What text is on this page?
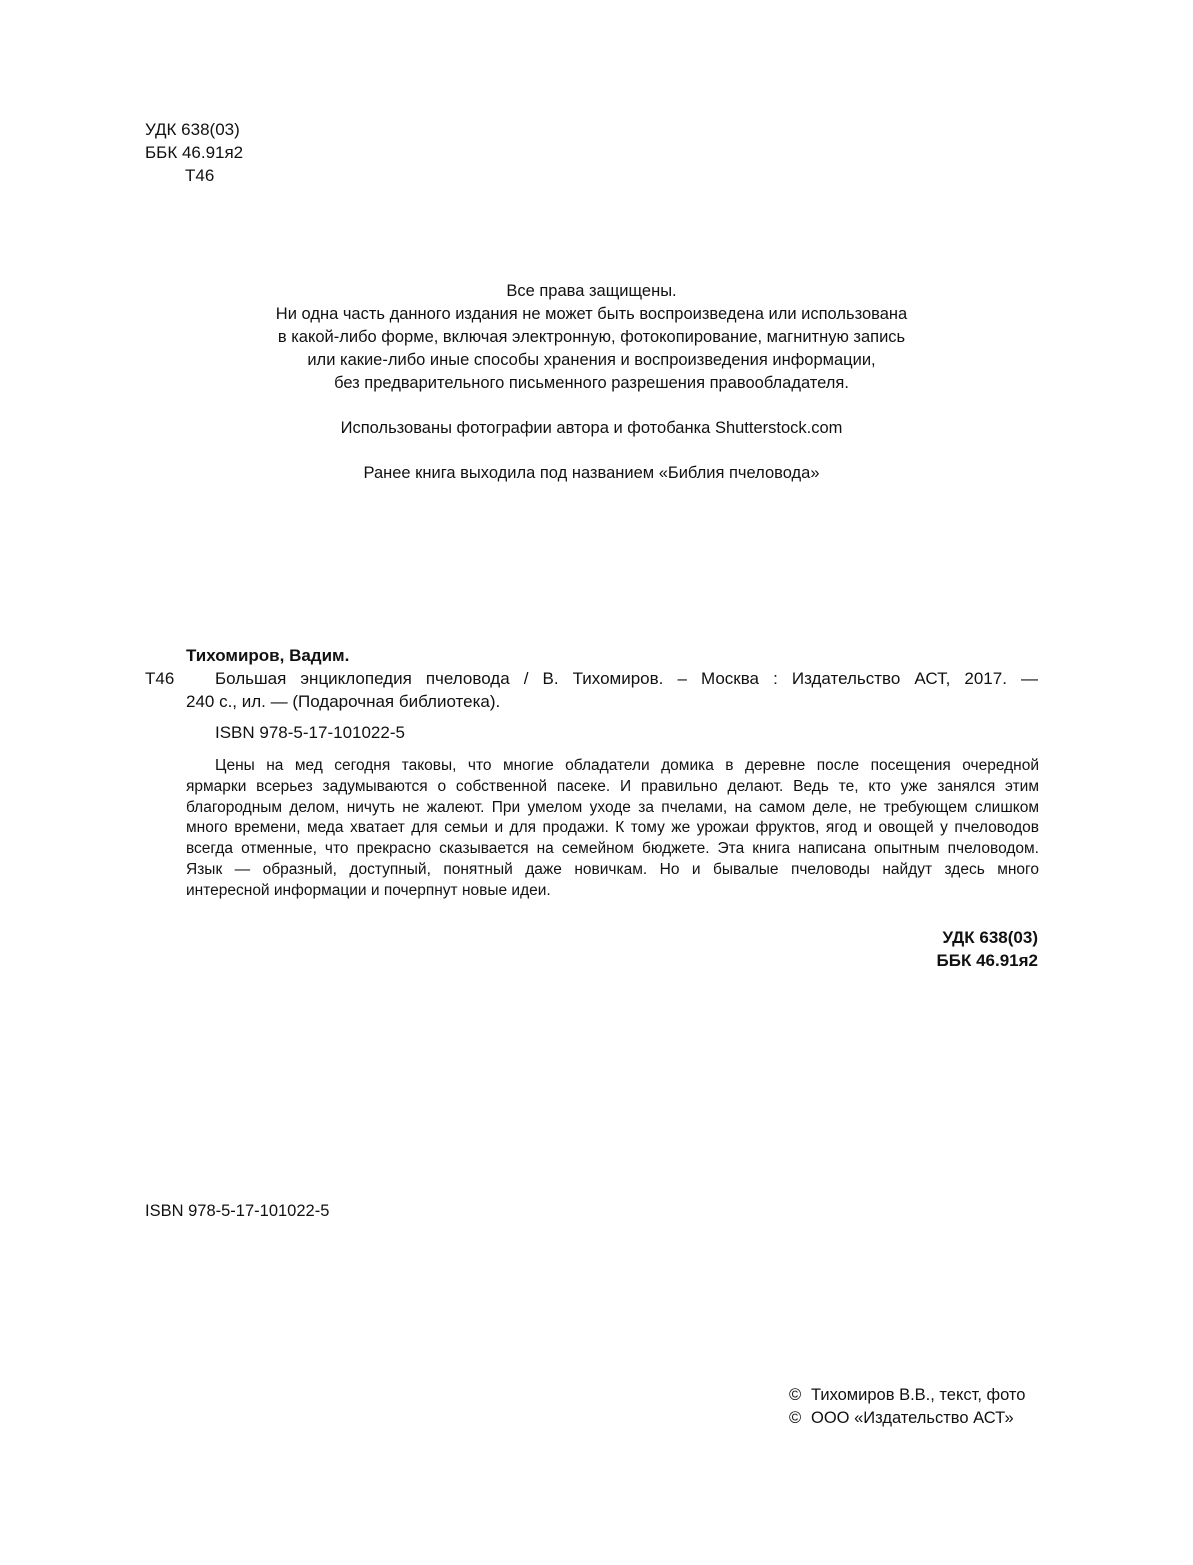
УДК 638(03)
ББК 46.91я2
Т46
Все права защищены.
Ни одна часть данного издания не может быть воспроизведена или использована
в какой-либо форме, включая электронную, фотокопирование, магнитную запись
или какие-либо иные способы хранения и воспроизведения информации,
без предварительного письменного разрешения правообладателя.
Использованы фотографии автора и фотобанка Shutterstock.com
Ранее книга выходила под названием «Библия пчеловода»
Тихомиров, Вадим.
Т46 Большая энциклопедия пчеловода / В. Тихомиров. – Москва : Издательство АСТ, 2017. —
240 с., ил. — (Подарочная библиотека).
ISBN 978-5-17-101022-5
Цены на мед сегодня таковы, что многие обладатели домика в деревне после посещения очередной
ярмарки всерьез задумываются о собственной пасеке. И правильно делают. Ведь те, кто уже занялся этим
благородным делом, ничуть не жалеют. При умелом уходе за пчелами, на самом деле, не требующем слишком
много времени, меда хватает для семьи и для продажи. К тому же урожаи фруктов, ягод и овощей у пчеловодов
всегда отменные, что прекрасно сказывается на семейном бюджете. Эта книга написана опытным пчеловодом.
Язык — образный, доступный, понятный даже новичкам. Но и бывалые пчеловоды найдут здесь много
интересной информации и почерпнут новые идеи.
УДК 638(03)
ББК 46.91я2
ISBN 978-5-17-101022-5
© Тихомиров В.В., текст, фото
© ООО «Издательство АСТ»
